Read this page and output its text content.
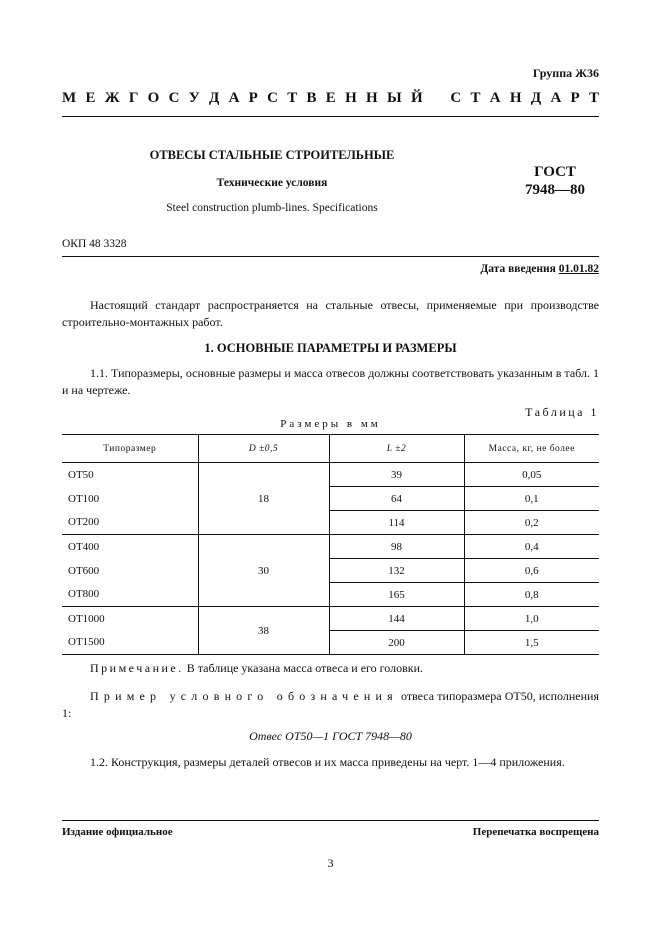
Группа Ж36
М Е Ж Г О С У Д А Р С Т В Е Н Н Ы Й С Т А Н Д А Р Т
ОТВЕСЫ СТАЛЬНЫЕ СТРОИТЕЛЬНЫЕ
Технические условия
Steel construction plumb-lines. Specifications
ГОСТ
7948—80
ОКП 48 3328
Дата введения 01.01.82
Настоящий стандарт распространяется на стальные отвесы, применяемые при производстве строительно-монтажных работ.
1. ОСНОВНЫЕ ПАРАМЕТРЫ И РАЗМЕРЫ
1.1. Типоразмеры, основные размеры и масса отвесов должны соответствовать указанным в табл. 1 и на чертеже.
Таблица 1
Размеры в мм
Типоразмер	D ±0,5	L ±2	Масса, кг, не более
ОТ50	18	39	0,05
ОТ100		64	0,1
ОТ200		114	0,2
ОТ400	30	98	0,4
ОТ600		132	0,6
ОТ800		165	0,8
ОТ1000	38	144	1,0
ОТ1500		200	1,5
Примечание. В таблице указана масса отвеса и его головки.
Пример условного обозначения отвеса типоразмера ОТ50, исполнения 1:
Отвес ОТ50—1 ГОСТ 7948—80
1.2. Конструкция, размеры деталей отвесов и их масса приведены на черт. 1—4 приложения.
Издание официальное	Перепечатка воспрещена
3
